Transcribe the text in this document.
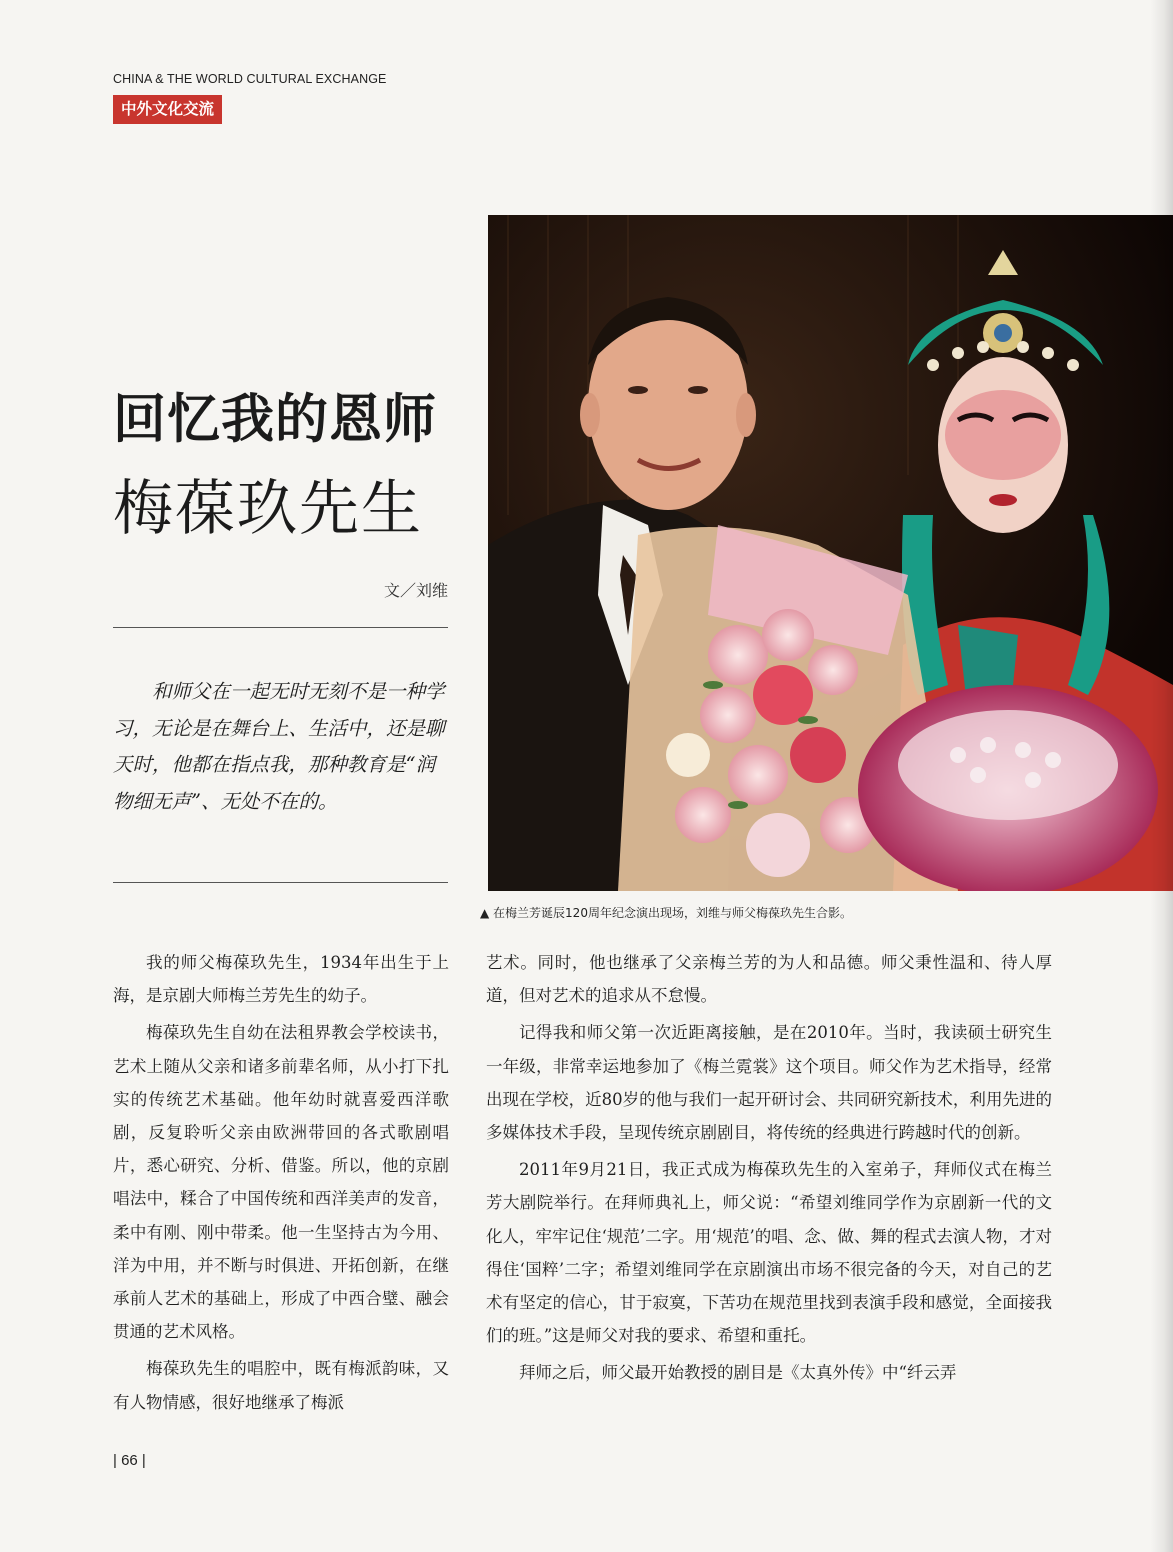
CHINA & THE WORLD CULTURAL EXCHANGE
中外文化交流
回忆我的恩师
梅葆玖先生
文／刘维

和师父在一起无时无刻不是一种学习，无论是在舞台上、生活中，还是聊天时，他都在指点我，那种教育是“润物细无声”、无处不在的。

▲ 在梅兰芳诞辰120周年纪念演出现场，刘维与师父梅葆玖先生合影。

我的师父梅葆玖先生，1934年出生于上海，是京剧大师梅兰芳先生的幼子。

梅葆玖先生自幼在法租界教会学校读书，艺术上随从父亲和诸多前辈名师，从小打下扎实的传统艺术基础。他年幼时就喜爱西洋歌剧，反复聆听父亲由欧洲带回的各式歌剧唱片，悉心研究、分析、借鉴。所以，他的京剧唱法中，糅合了中国传统和西洋美声的发音，柔中有刚、刚中带柔。他一生坚持古为今用、洋为中用，并不断与时俱进、开拓创新，在继承前人艺术的基础上，形成了中西合璧、融会贯通的艺术风格。

梅葆玖先生的唱腔中，既有梅派韵味，又有人物情感，很好地继承了梅派

艺术。同时，他也继承了父亲梅兰芳的为人和品德。师父秉性温和、待人厚道，但对艺术的追求从不怠慢。

记得我和师父第一次近距离接触，是在2010年。当时，我读硕士研究生一年级，非常幸运地参加了《梅兰霓裳》这个项目。师父作为艺术指导，经常出现在学校，近80岁的他与我们一起开研讨会、共同研究新技术，利用先进的多媒体技术手段，呈现传统京剧剧目，将传统的经典进行跨越时代的创新。

2011年9月21日，我正式成为梅葆玖先生的入室弟子，拜师仪式在梅兰芳大剧院举行。在拜师典礼上，师父说：“希望刘维同学作为京剧新一代的文化人，牢牢记住‘规范’二字。用‘规范’的唱、念、做、舞的程式去演人物，才对得住‘国粹’二字；希望刘维同学在京剧演出市场不很完备的今天，对自己的艺术有坚定的信心，甘于寂寞，下苦功在规范里找到表演手段和感觉，全面接我们的班。”这是师父对我的要求、希望和重托。

拜师之后，师父最开始教授的剧目是《太真外传》中“纤云弄

| 66 |
